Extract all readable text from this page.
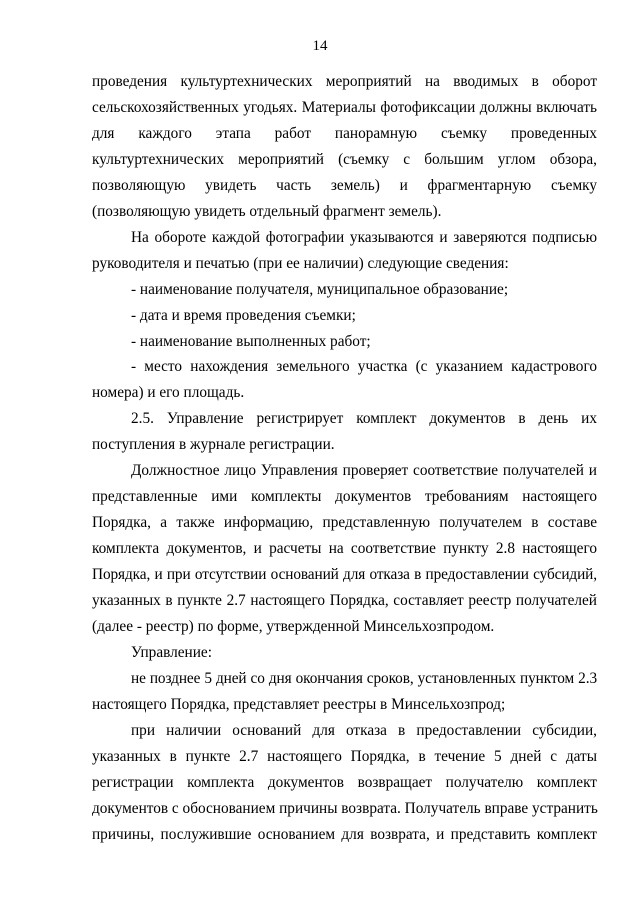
14
проведения культуртехнических мероприятий на вводимых в оборот
сельскохозяйственных угодьях. Материалы фотофиксации должны включать
для каждого этапа работ панорамную съемку проведенных
культуртехнических мероприятий (съемку с большим углом обзора,
позволяющую увидеть часть земель) и фрагментарную съемку
(позволяющую увидеть отдельный фрагмент земель).
На обороте каждой фотографии указываются и заверяются подписью
руководителя и печатью (при ее наличии) следующие сведения:
- наименование получателя, муниципальное образование;
- дата и время проведения съемки;
- наименование выполненных работ;
- место нахождения земельного участка (с указанием кадастрового
номера) и его площадь.
2.5. Управление регистрирует комплект документов в день их
поступления в журнале регистрации.
Должностное лицо Управления проверяет соответствие получателей и
представленные ими комплекты документов требованиям настоящего
Порядка, а также информацию, представленную получателем в составе
комплекта документов, и расчеты на соответствие пункту 2.8 настоящего
Порядка, и при отсутствии оснований для отказа в предоставлении субсидий,
указанных в пункте 2.7 настоящего Порядка, составляет реестр получателей
(далее - реестр) по форме, утвержденной Минсельхозпродом.
Управление:
не позднее 5 дней со дня окончания сроков, установленных пунктом 2.3
настоящего Порядка, представляет реестры в Минсельхозпрод;
при наличии оснований для отказа в предоставлении субсидии,
указанных в пункте 2.7 настоящего Порядка, в течение 5 дней с даты
регистрации комплекта документов возвращает получателю комплект
документов с обоснованием причины возврата. Получатель вправе устранить
причины, послужившие основанием для возврата, и представить комплект
